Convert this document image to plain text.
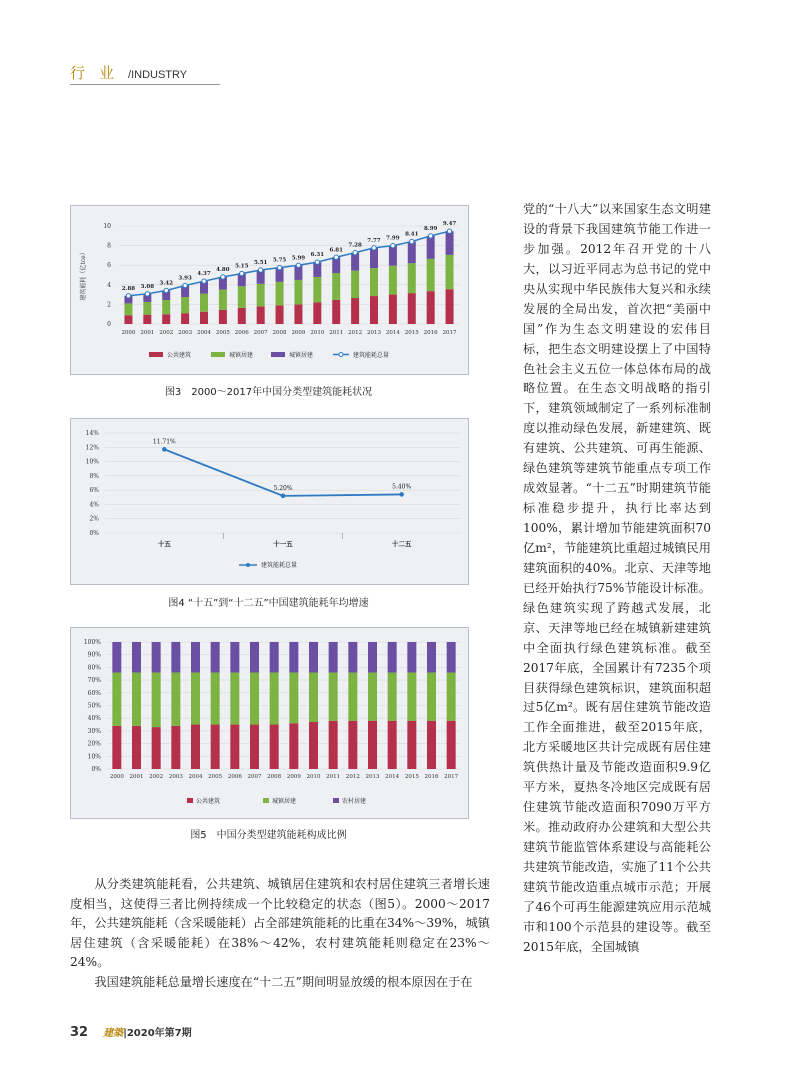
行业/INDUSTRY
0
2
4
6
8
10
建筑能耗（亿tce）
2000 2001 2002 2003 2004 2005 2006 2007 2008 2009 2010 2011 2012 2013 2014 2015 2016 2017
2.88 3.08
3.42
3.93
4.37
4.80
5.15
5.51 5.75 5.99
6.31
6.81
7.28
7.77 7.99
8.41
8.99
9.47
公共建筑	城镇居建	城镇居建	建筑能耗总量
图3　2000～2017年中国分类型建筑能耗状况
0%
2%
4%
6%
8%
10%
12%
14%
11.71%
十五
5.20%
十一五
5.40%
十二五
建筑能耗总量
图4 “十五”到“十二五”中国建筑能耗年均增速
0%
10%
20%
30%
40%
50%
60%
70%
80%
90%
100%
2000 2001 2002 2003 2004 2005 2006 2007 2008 2009 2010 2011 2012 2013 2014 2015 2016 2017
公共建筑	城镇居建	农村居建
图5　中国分类型建筑能耗构成比例

党的“十八大”以来国家生态文明建设的背景下我国建筑节能工作进一步加强。2012年召开党的十八大，以习近平同志为总书记的党中央从实现中华民族伟大复兴和永续发展的全局出发，首次把“美丽中国”作为生态文明建设的宏伟目标，把生态文明建设摆上了中国特色社会主义五位一体总体布局的战略位置。在生态文明战略的指引下，建筑领域制定了一系列标准制度以推动绿色发展，新建建筑、既有建筑、公共建筑、可再生能源、绿色建筑等建筑节能重点专项工作成效显著。“十二五”时期建筑节能标准稳步提升，执行比率达到100%，累计增加节能建筑面积70亿m²，节能建筑比重超过城镇民用建筑面积的40%。北京、天津等地已经开始执行75%节能设计标准。绿色建筑实现了跨越式发展，北京、天津等地已经在城镇新建建筑中全面执行绿色建筑标准。截至2017年底，全国累计有7235个项目获得绿色建筑标识，建筑面积超过5亿m²。既有居住建筑节能改造工作全面推进，截至2015年底，北方采暖地区共计完成既有居住建筑供热计量及节能改造面积9.9亿平方米，夏热冬冷地区完成既有居住建筑节能改造面积7090万平方米。推动政府办公建筑和大型公共建筑节能监管体系建设与高能耗公共建筑节能改造，实施了11个公共建筑节能改造重点城市示范；开展了46个可再生能源建筑应用示范城市和100个示范县的建设等。截至2015年底，全国城镇

从分类建筑能耗看，公共建筑、城镇居住建筑和农村居住建筑三者增长速度相当，这使得三者比例持续成一个比较稳定的状态（图5）。2000～2017年，公共建筑能耗（含采暖能耗）占全部建筑能耗的比重在34%～39%，城镇居住建筑（含采暖能耗）在38%～42%，农村建筑能耗则稳定在23%～24%。

我国建筑能耗总量增长速度在“十二五”期间明显放缓的根本原因在于在

32 建築|2020年第7期
